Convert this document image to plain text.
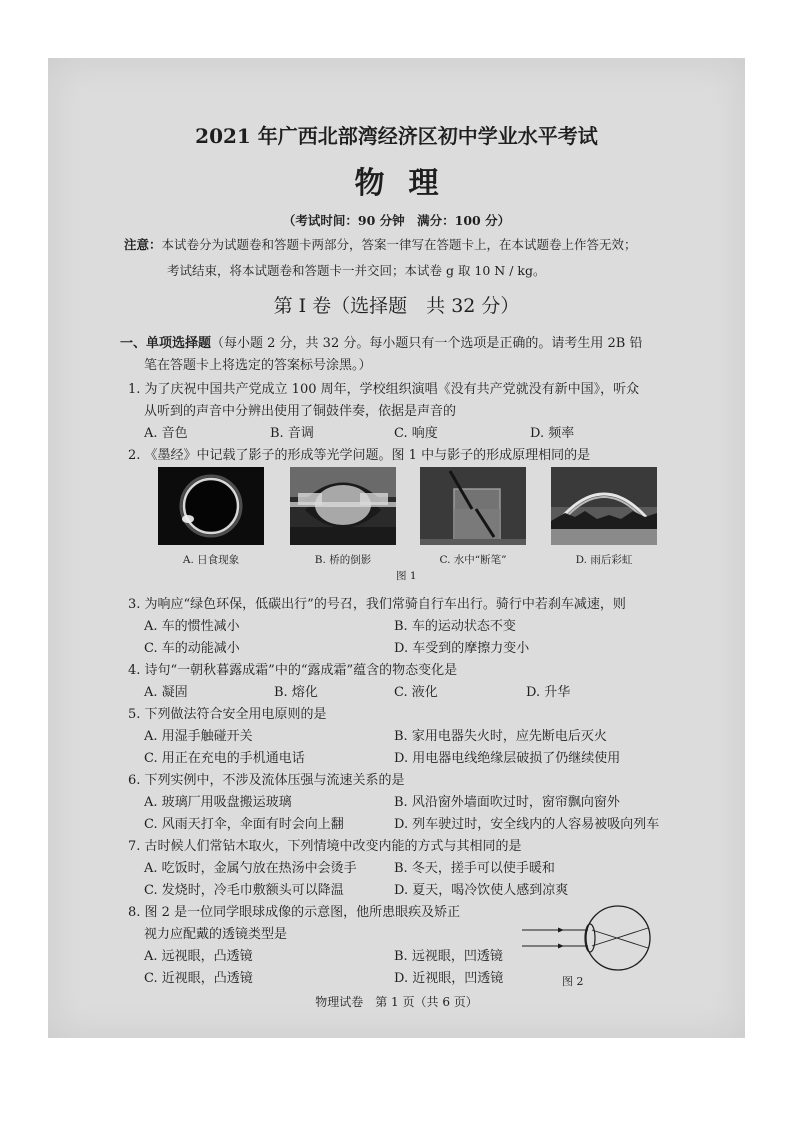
2021 年广西北部湾经济区初中学业水平考试
物理
（考试时间：90 分钟　满分：100 分）
注意：本试卷分为试题卷和答题卡两部分，答案一律写在答题卡上，在本试题卷上作答无效；
考试结束，将本试题卷和答题卡一并交回；本试卷 g 取 10 N / kg。
第 I 卷（选择题　共 32 分）
一、单项选择题（每小题 2 分，共 32 分。每小题只有一个选项是正确的。请考生用 2B 铅
笔在答题卡上将选定的答案标号涂黑。）
1. 为了庆祝中国共产党成立 100 周年，学校组织演唱《没有共产党就没有新中国》，听众
从听到的声音中分辨出使用了铜鼓伴奏，依据是声音的
A. 音色	B. 音调	C. 响度	D. 频率
2. 《墨经》中记载了影子的形成等光学问题。图 1 中与影子的形成原理相同的是
A. 日食现象	B. 桥的倒影	C. 水中“断笔”	D. 雨后彩虹
图 1
3. 为响应“绿色环保，低碳出行”的号召，我们常骑自行车出行。骑行中若刹车减速，则
A. 车的惯性减小	B. 车的运动状态不变
C. 车的动能减小	D. 车受到的摩擦力变小
4. 诗句“一朝秋暮露成霜”中的“露成霜”蕴含的物态变化是
A. 凝固	B. 熔化	C. 液化	D. 升华
5. 下列做法符合安全用电原则的是
A. 用湿手触碰开关	B. 家用电器失火时，应先断电后灭火
C. 用正在充电的手机通电话	D. 用电器电线绝缘层破损了仍继续使用
6. 下列实例中，不涉及流体压强与流速关系的是
A. 玻璃厂用吸盘搬运玻璃	B. 风沿窗外墙面吹过时，窗帘飘向窗外
C. 风雨天打伞，伞面有时会向上翻	D. 列车驶过时，安全线内的人容易被吸向列车
7. 古时候人们常钻木取火，下列情境中改变内能的方式与其相同的是
A. 吃饭时，金属勺放在热汤中会烫手	B. 冬天，搓手可以使手暖和
C. 发烧时，冷毛巾敷额头可以降温	D. 夏天，喝冷饮使人感到凉爽
8. 图 2 是一位同学眼球成像的示意图，他所患眼疾及矫正
视力应配戴的透镜类型是
A. 远视眼，凸透镜	B. 远视眼，凹透镜
C. 近视眼，凸透镜	D. 近视眼，凹透镜	图 2
物理试卷　第 1 页（共 6 页）
